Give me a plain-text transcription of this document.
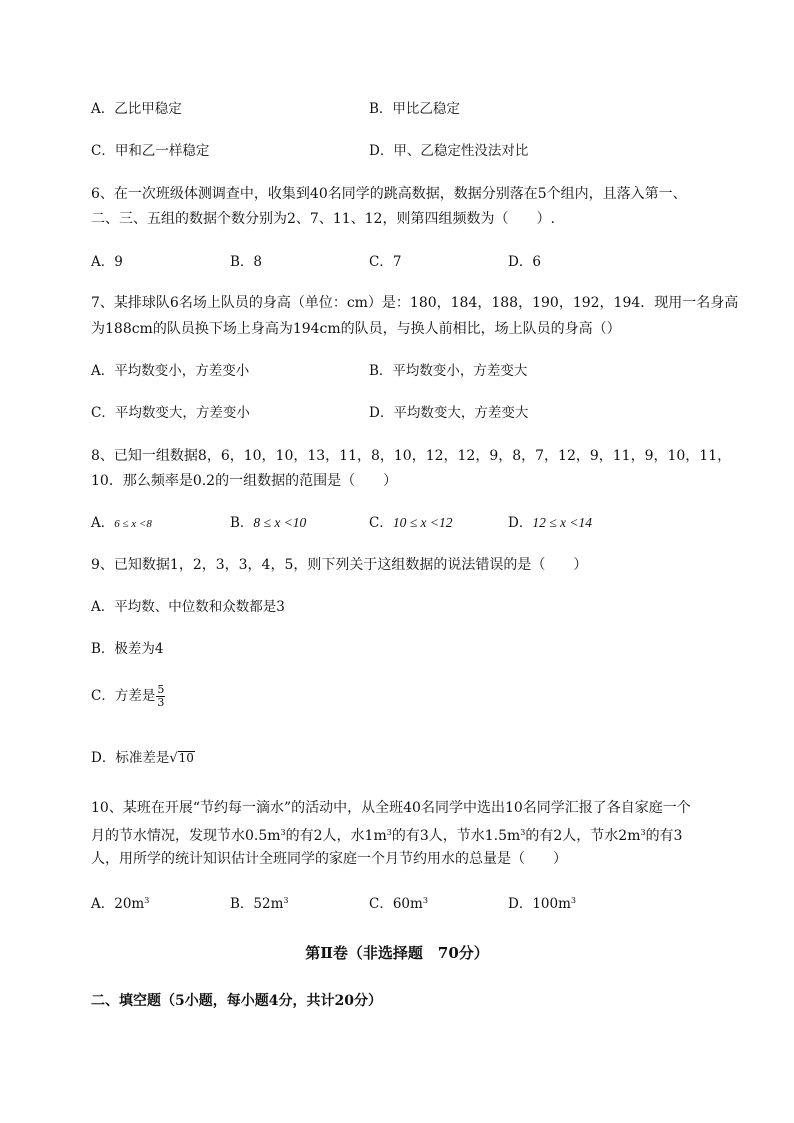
A．乙比甲稳定	B．甲比乙稳定
C．甲和乙一样稳定	D．甲、乙稳定性没法对比
6、在一次班级体测调查中，收集到40名同学的跳高数据，数据分别落在5个组内，且落入第一、
二、三、五组的数据个数分别为2、7、11、12，则第四组频数为（　　）.
A．9	B．8	C．7	D．6
7、某排球队6名场上队员的身高（单位：cm）是：180，184，188，190，192，194．现用一名身高
为188cm的队员换下场上身高为194cm的队员，与换人前相比，场上队员的身高（）
A．平均数变小，方差变小	B．平均数变小，方差变大
C．平均数变大，方差变小	D．平均数变大，方差变大
8、已知一组数据8，6，10，10，13，11，8，10，12，12，9，8，7，12，9，11，9，10，11，
10．那么频率是0.2的一组数据的范围是（　　）
A．6 ≤ x <8	B．8 ≤ x <10	C．10 ≤ x <12	D．12 ≤ x <14
9、已知数据1，2，3，3，4，5，则下列关于这组数据的说法错误的是（　　）
A．平均数、中位数和众数都是3
B．极差为4
C．方差是 $\frac{5}{3}$
D．标准差是√10
10、某班在开展“节约每一滴水”的活动中，从全班40名同学中选出10名同学汇报了各自家庭一个
月的节水情况，发现节水$0.5m^3$的有2人，水$1m^3$的有3人，节水$1.5m^3$的有2人，节水$2m^3$的有3
人，用所学的统计知识估计全班同学的家庭一个月节约用水的总量是（　　）
A．$20m^3$	B．$52m^3$	C．$60m^3$	D．$100m^3$
第Ⅱ卷（非选择题　70分）
二、填空题（5小题，每小题4分，共计20分）
